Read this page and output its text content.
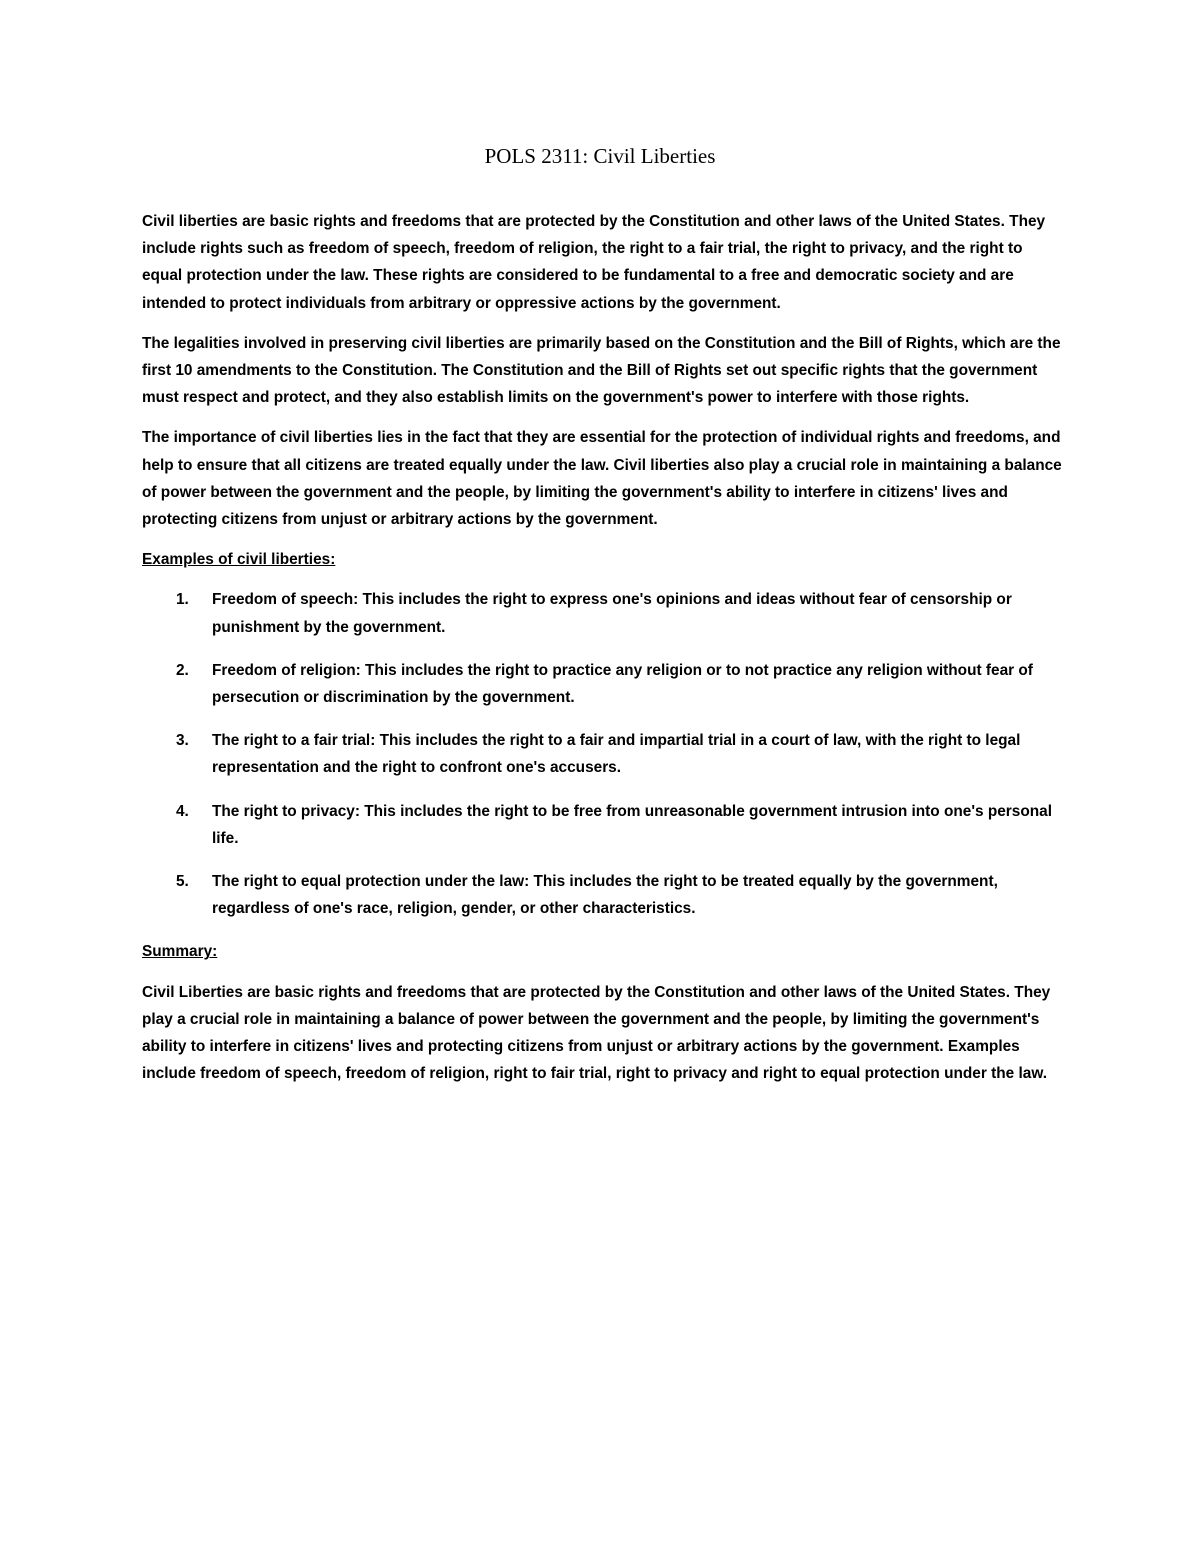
POLS 2311: Civil Liberties

Civil liberties are basic rights and freedoms that are protected by the Constitution and other laws of the United States. They include rights such as freedom of speech, freedom of religion, the right to a fair trial, the right to privacy, and the right to equal protection under the law. These rights are considered to be fundamental to a free and democratic society and are intended to protect individuals from arbitrary or oppressive actions by the government.

The legalities involved in preserving civil liberties are primarily based on the Constitution and the Bill of Rights, which are the first 10 amendments to the Constitution. The Constitution and the Bill of Rights set out specific rights that the government must respect and protect, and they also establish limits on the government's power to interfere with those rights.

The importance of civil liberties lies in the fact that they are essential for the protection of individual rights and freedoms, and help to ensure that all citizens are treated equally under the law. Civil liberties also play a crucial role in maintaining a balance of power between the government and the people, by limiting the government's ability to interfere in citizens' lives and protecting citizens from unjust or arbitrary actions by the government.

Examples of civil liberties:
1. Freedom of speech: This includes the right to express one's opinions and ideas without fear of censorship or punishment by the government.
2. Freedom of religion: This includes the right to practice any religion or to not practice any religion without fear of persecution or discrimination by the government.
3. The right to a fair trial: This includes the right to a fair and impartial trial in a court of law, with the right to legal representation and the right to confront one's accusers.
4. The right to privacy: This includes the right to be free from unreasonable government intrusion into one's personal life.
5. The right to equal protection under the law: This includes the right to be treated equally by the government, regardless of one's race, religion, gender, or other characteristics.
Summary:

Civil Liberties are basic rights and freedoms that are protected by the Constitution and other laws of the United States. They play a crucial role in maintaining a balance of power between the government and the people, by limiting the government's ability to interfere in citizens' lives and protecting citizens from unjust or arbitrary actions by the government. Examples include freedom of speech, freedom of religion, right to fair trial, right to privacy and right to equal protection under the law.
